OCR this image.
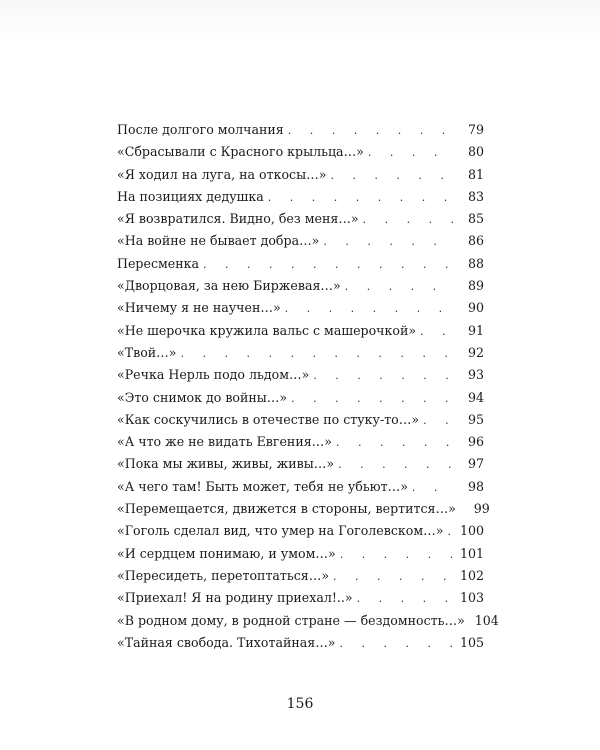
После долгого молчания . . .	79
«Сбрасывали с Красного крыльца…» . . .	80
«Я ходил на луга, на откосы…» . . .	81
На позициях дедушка . . .	83
«Я возвратился. Видно, без меня…» . . .	85
«На войне не бывает добра…» . . .	86
Пересменка . . .	88
«Дворцовая, за нею Биржевая…» . . .	89
«Ничему я не научен…» . . .	90
«Не шерочка кружила вальс с машерочкой» . . .	91
«Твой…» . . .	92
«Речка Нерль подо льдом…» . . .	93
«Это снимок до войны…» . . .	94
«Как соскучились в отечестве по стуку-то…» . . .	95
«А что же не видать Евгения…» . . .	96
«Пока мы живы, живы, живы…» . . .	97
«А чего там! Быть может, тебя не убьют…» . . .	98
«Перемещается, движется в стороны, вертится…»	99
«Гоголь сделал вид, что умер на Гоголевском…» . . .	100
«И сердцем понимаю, и умом…» . . .	101
«Пересидеть, перетоптаться…» . . .	102
«Приехал! Я на родину приехал!..» . . .	103
«В родном дому, в родной стране — бездомность…» 104
«Тайная свобода. Тихотайная…» . . .	105
156
